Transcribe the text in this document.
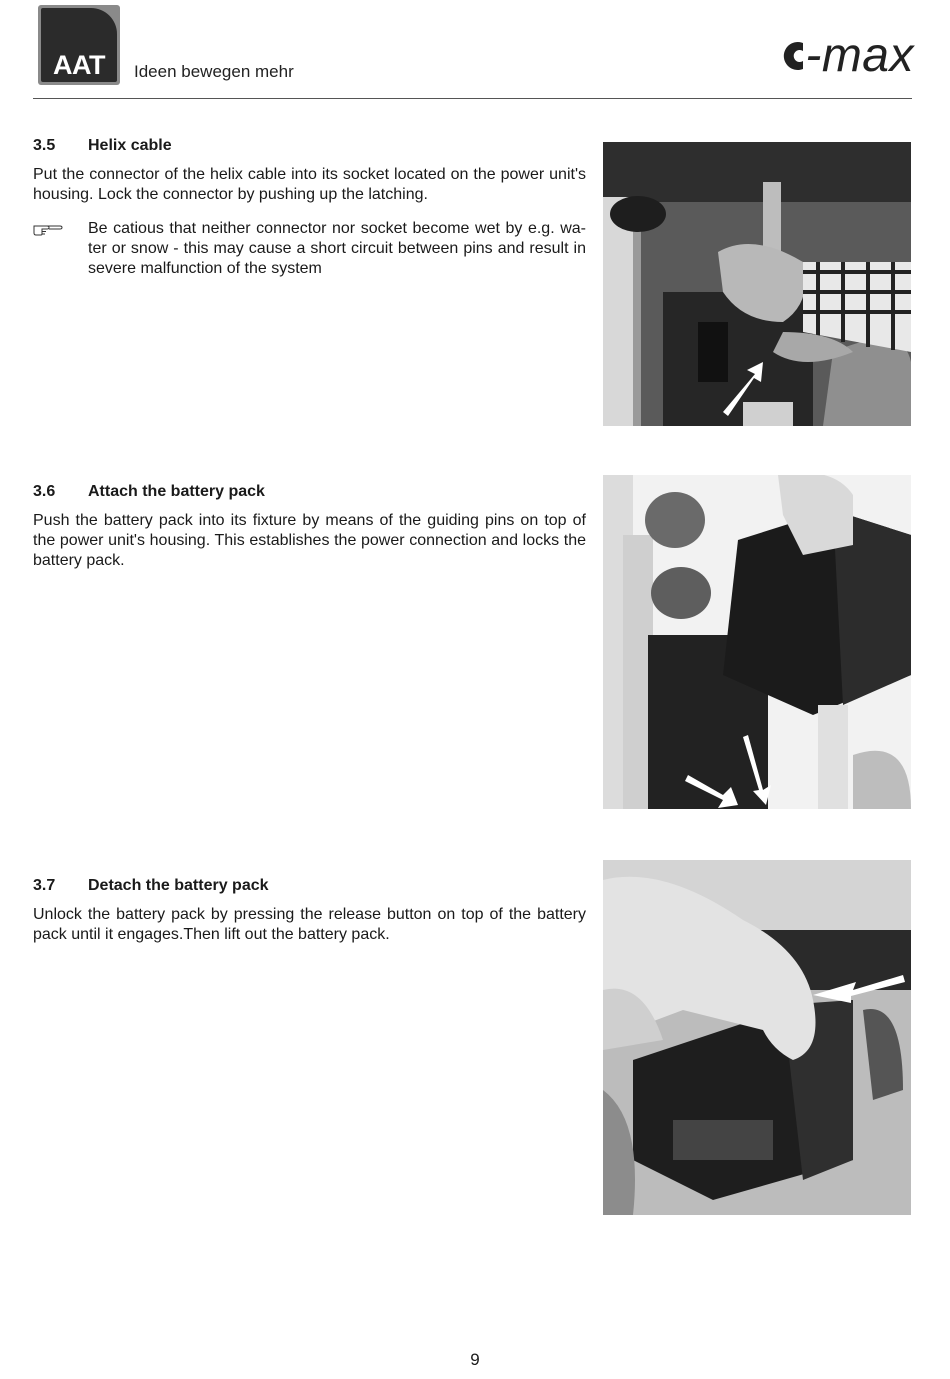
AAT	Ideen bewegen mehr	-max
3.5	Helix cable

Put the connector of the helix cable into its socket located on the power unit's housing. Lock the connector by pushing up the latching.

Be catious that neither connector nor socket become wet by e.g. wa-ter or snow - this may cause a short circuit between pins and result in severe malfunction of the system
3.6	Attach the battery pack

Push the battery pack into its fixture by means of the guiding pins on top of the power unit's housing. This establishes the power connection and locks the battery pack.

3.7	Detach the battery pack

Unlock the battery pack by pressing the release button on top of the battery pack until it engages.Then lift out the battery pack.

9
